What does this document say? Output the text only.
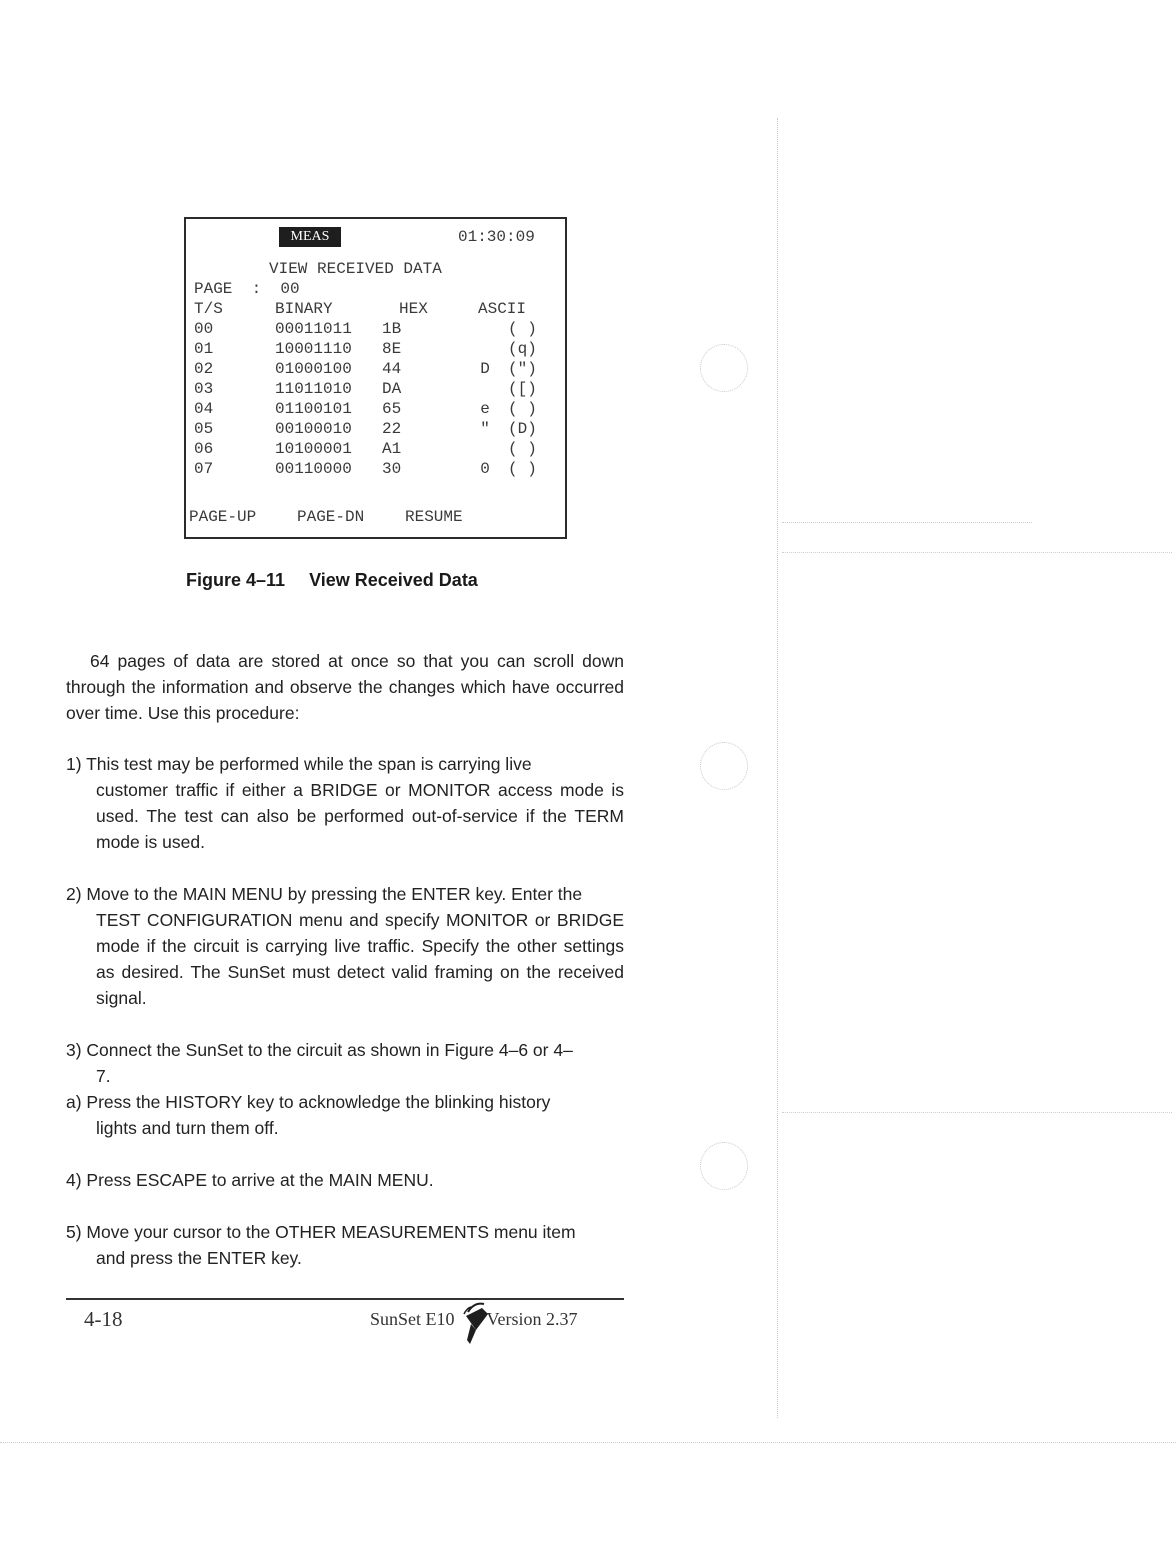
MEAS	01:30:09
VIEW RECEIVED DATA
PAGE  :  00
T/S	BINARY	HEX	ASCII
00	00011011 1B	( )
01	10001110 8E	(q)
02	01000100 44	D (")
03	11011010 DA	([)
04	01100101 65	e ( )
05	00100010 22	" (D)
06	10100001 A1	( )
07	00110000 30	0 ( )
PAGE-UP	PAGE-DN	RESUME
Figure 4–11 View Received Data
64 pages of data are stored at once so that you can scroll down through the information and observe the changes which have occurred over time. Use this procedure:
1) This test may be performed while the span is carrying live
customer traffic if either a BRIDGE or MONITOR access mode is used. The test can also be performed out-of-service if the TERM mode is used.
2) Move to the MAIN MENU by pressing the ENTER key. Enter the
TEST CONFIGURATION menu and specify MONITOR or BRIDGE mode if the circuit is carrying live traffic. Specify the other settings as desired. The SunSet must detect valid framing on the received signal.
3) Connect the SunSet to the circuit as shown in Figure 4–6 or 4–
7.
a) Press the HISTORY key to acknowledge the blinking history
lights and turn them off.
4) Press ESCAPE to arrive at the MAIN MENU.
5) Move your cursor to the OTHER MEASUREMENTS menu item
and press the ENTER key.
4-18	SunSet E10 Version 2.37
